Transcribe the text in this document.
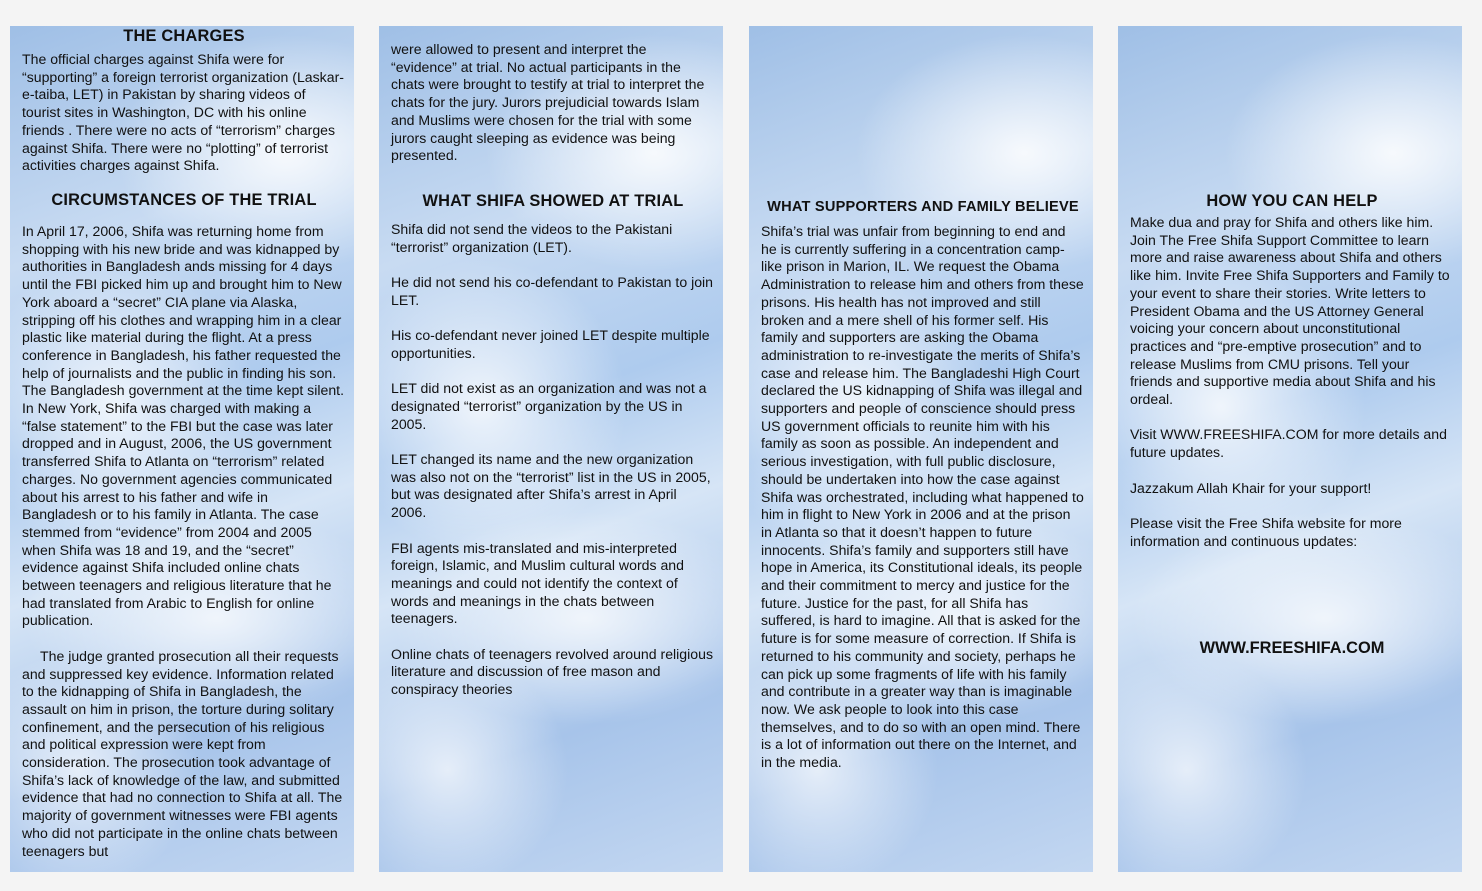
THE CHARGES

The official charges against Shifa were for “supporting” a foreign terrorist organization (Laskar-e-taiba, LET) in Pakistan by sharing videos of tourist sites in Washington, DC with his online friends . There were no acts of “terrorism” charges against Shifa. There were no “plotting” of terrorist activities charges against Shifa.

CIRCUMSTANCES OF THE TRIAL

In April 17, 2006, Shifa was returning home from shopping with his new bride and was kidnapped by authorities in Bangladesh ands missing for 4 days until the FBI picked him up and brought him to New York aboard a “secret” CIA plane via Alaska, stripping off his clothes and wrapping him in a clear plastic like material during the flight. At a press conference in Bangladesh, his father requested the help of journalists and the public in finding his son. The Bangladesh government at the time kept silent. In New York, Shifa was charged with making a “false statement” to the FBI but the case was later dropped and in August, 2006, the US government transferred Shifa to Atlanta on “terrorism” related charges. No government agencies communicated about his arrest to his father and wife in Bangladesh or to his family in Atlanta. The case stemmed from “evidence” from 2004 and 2005 when Shifa was 18 and 19, and the “secret” evidence against Shifa included online chats between teenagers and religious literature that he had translated from Arabic to English for online publication.

The judge granted prosecution all their requests and suppressed key evidence. Information related to the kidnapping of Shifa in Bangladesh, the assault on him in prison, the torture during solitary confinement, and the persecution of his religious and political expression were kept from consideration. The prosecution took advantage of Shifa’s lack of knowledge of the law, and submitted evidence that had no connection to Shifa at all. The majority of government witnesses were FBI agents who did not participate in the online chats between teenagers but

were allowed to present and interpret the “evidence” at trial. No actual participants in the chats were brought to testify at trial to interpret the chats for the jury. Jurors prejudicial towards Islam and Muslims were chosen for the trial with some jurors caught sleeping as evidence was being presented.

WHAT SHIFA SHOWED AT TRIAL

Shifa did not send the videos to the Pakistani “terrorist” organization (LET).

He did not send his co-defendant to Pakistan to join LET.

His co-defendant never joined LET despite multiple opportunities.

LET did not exist as an organization and was not a designated “terrorist” organization by the US in 2005.

LET changed its name and the new organization was also not on the “terrorist” list in the US in 2005, but was designated after Shifa’s arrest in April 2006.

FBI agents mis-translated and mis-interpreted foreign, Islamic, and Muslim cultural words and meanings and could not identify the context of words and meanings in the chats between teenagers.

Online chats of teenagers revolved around religious literature and discussion of free mason and conspiracy theories

WHAT SUPPORTERS AND FAMILY BELIEVE

Shifa’s trial was unfair from beginning to end and he is currently suffering in a concentration camp-like prison in Marion, IL. We request the Obama Administration to release him and others from these prisons. His health has not improved and still broken and a mere shell of his former self. His family and supporters are asking the Obama administration to re-investigate the merits of Shifa’s case and release him. The Bangladeshi High Court declared the US kidnapping of Shifa was illegal and supporters and people of conscience should press US government officials to reunite him with his family as soon as possible. An independent and serious investigation, with full public disclosure, should be undertaken into how the case against Shifa was orchestrated, including what happened to him in flight to New York in 2006 and at the prison in Atlanta so that it doesn’t happen to future innocents. Shifa’s family and supporters still have hope in America, its Constitutional ideals, its people and their commitment to mercy and justice for the future. Justice for the past, for all Shifa has suffered, is hard to imagine. All that is asked for the future is for some measure of correction. If Shifa is returned to his community and society, perhaps he can pick up some fragments of life with his family and contribute in a greater way than is imaginable now. We ask people to look into this case themselves, and to do so with an open mind. There is a lot of information out there on the Internet, and in the media.

HOW YOU CAN HELP

Make dua and pray for Shifa and others like him. Join The Free Shifa Support Committee to learn more and raise awareness about Shifa and others like him. Invite Free Shifa Supporters and Family to your event to share their stories. Write letters to President Obama and the US Attorney General voicing your concern about unconstitutional practices and “pre-emptive prosecution” and to release Muslims from CMU prisons. Tell your friends and supportive media about Shifa and his ordeal.

Visit WWW.FREESHIFA.COM for more details and future updates.

Jazzakum Allah Khair for your support!

Please visit the Free Shifa website for more information and continuous updates:

WWW.FREESHIFA.COM
